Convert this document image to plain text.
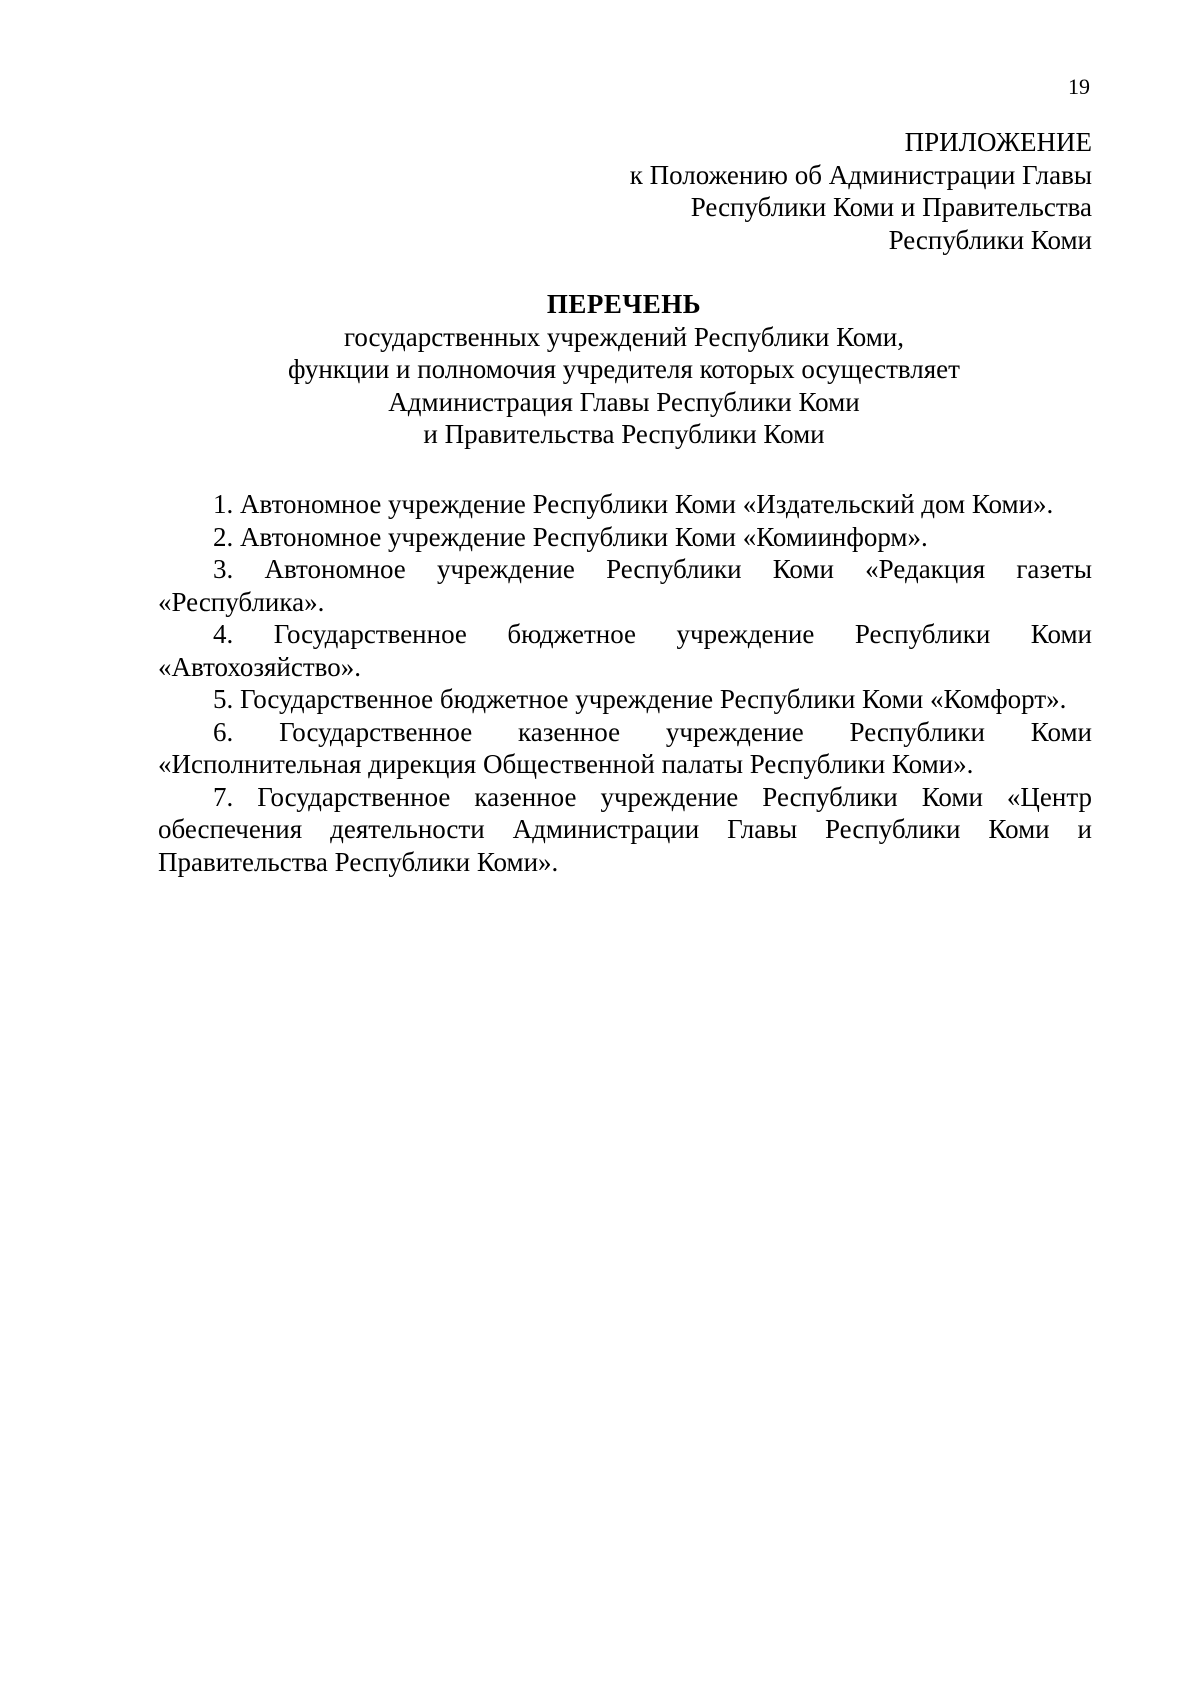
19
ПРИЛОЖЕНИЕ
к Положению об Администрации Главы
Республики Коми и Правительства
Республики Коми
ПЕРЕЧЕНЬ
государственных учреждений Республики Коми,
функции и полномочия учредителя которых осуществляет
Администрация Главы Республики Коми
и Правительства Республики Коми

1. Автономное учреждение Республики Коми «Издательский дом Коми».

2. Автономное учреждение Республики Коми «Комиинформ».

3. Автономное учреждение Республики Коми «Редакция газеты «Республика».

4. Государственное бюджетное учреждение Республики Коми «Автохозяйство».

5. Государственное бюджетное учреждение Республики Коми «Комфорт».

6. Государственное казенное учреждение Республики Коми «Исполнительная дирекция Общественной палаты Республики Коми».

7. Государственное казенное учреждение Республики Коми «Центр обеспечения деятельности Администрации Главы Республики Коми и Правительства Республики Коми».
